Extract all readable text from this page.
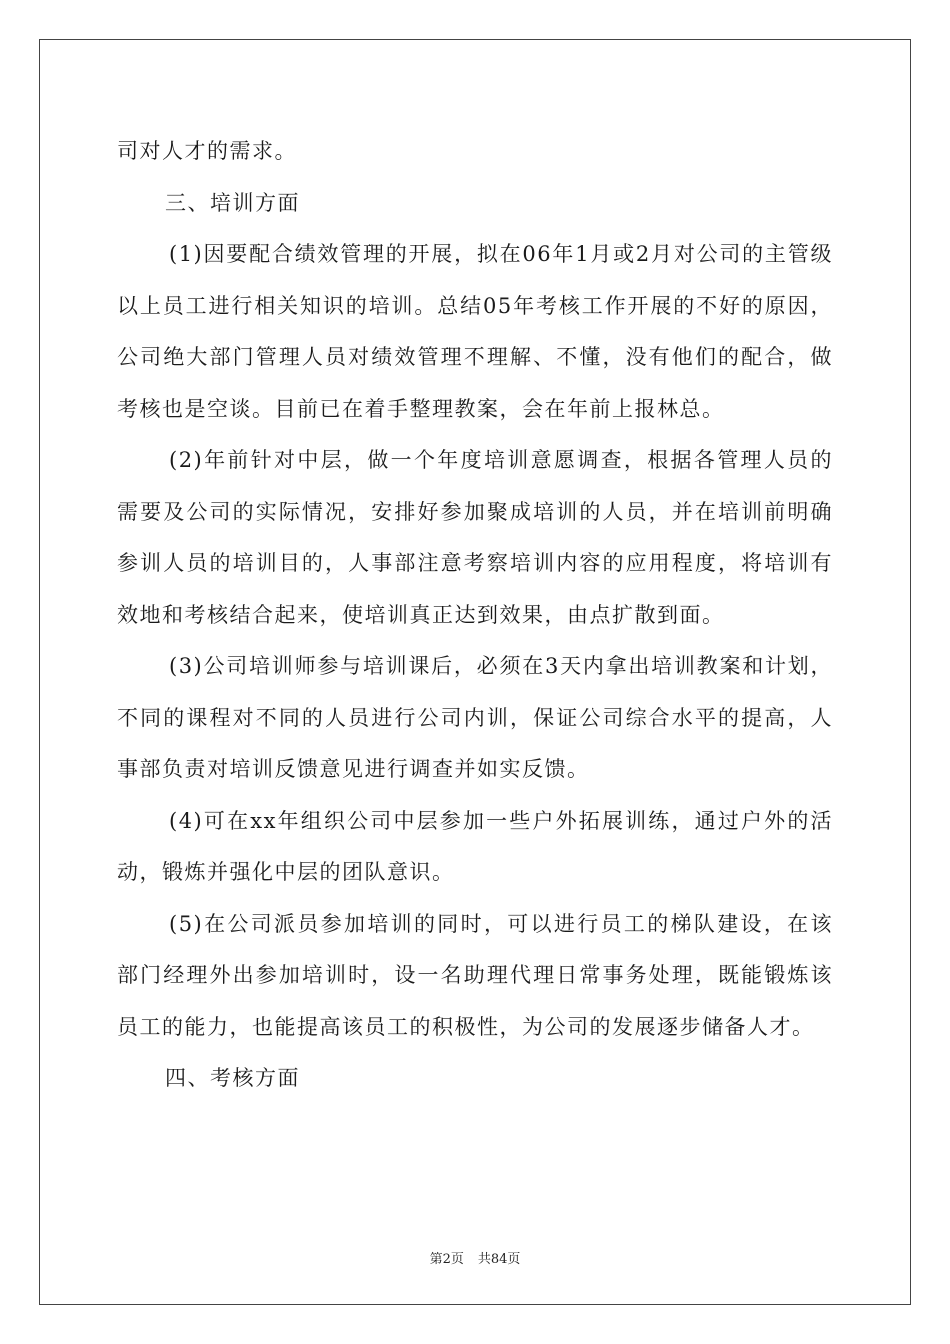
司对人才的需求。

三、培训方面

(1)因要配合绩效管理的开展，拟在06年1月或2月对公司的主管级以上员工进行相关知识的培训。总结05年考核工作开展的不好的原因，公司绝大部门管理人员对绩效管理不理解、不懂，没有他们的配合，做考核也是空谈。目前已在着手整理教案，会在年前上报林总。

(2)年前针对中层，做一个年度培训意愿调查，根据各管理人员的需要及公司的实际情况，安排好参加聚成培训的人员，并在培训前明确参训人员的培训目的，人事部注意考察培训内容的应用程度，将培训有效地和考核结合起来，使培训真正达到效果，由点扩散到面。

(3)公司培训师参与培训课后，必须在3天内拿出培训教案和计划，不同的课程对不同的人员进行公司内训，保证公司综合水平的提高，人事部负责对培训反馈意见进行调查并如实反馈。

(4)可在xx年组织公司中层参加一些户外拓展训练，通过户外的活动，锻炼并强化中层的团队意识。

(5)在公司派员参加培训的同时，可以进行员工的梯队建设，在该部门经理外出参加培训时，设一名助理代理日常事务处理，既能锻炼该员工的能力，也能提高该员工的积极性，为公司的发展逐步储备人才。

四、考核方面

第2页 共84页
